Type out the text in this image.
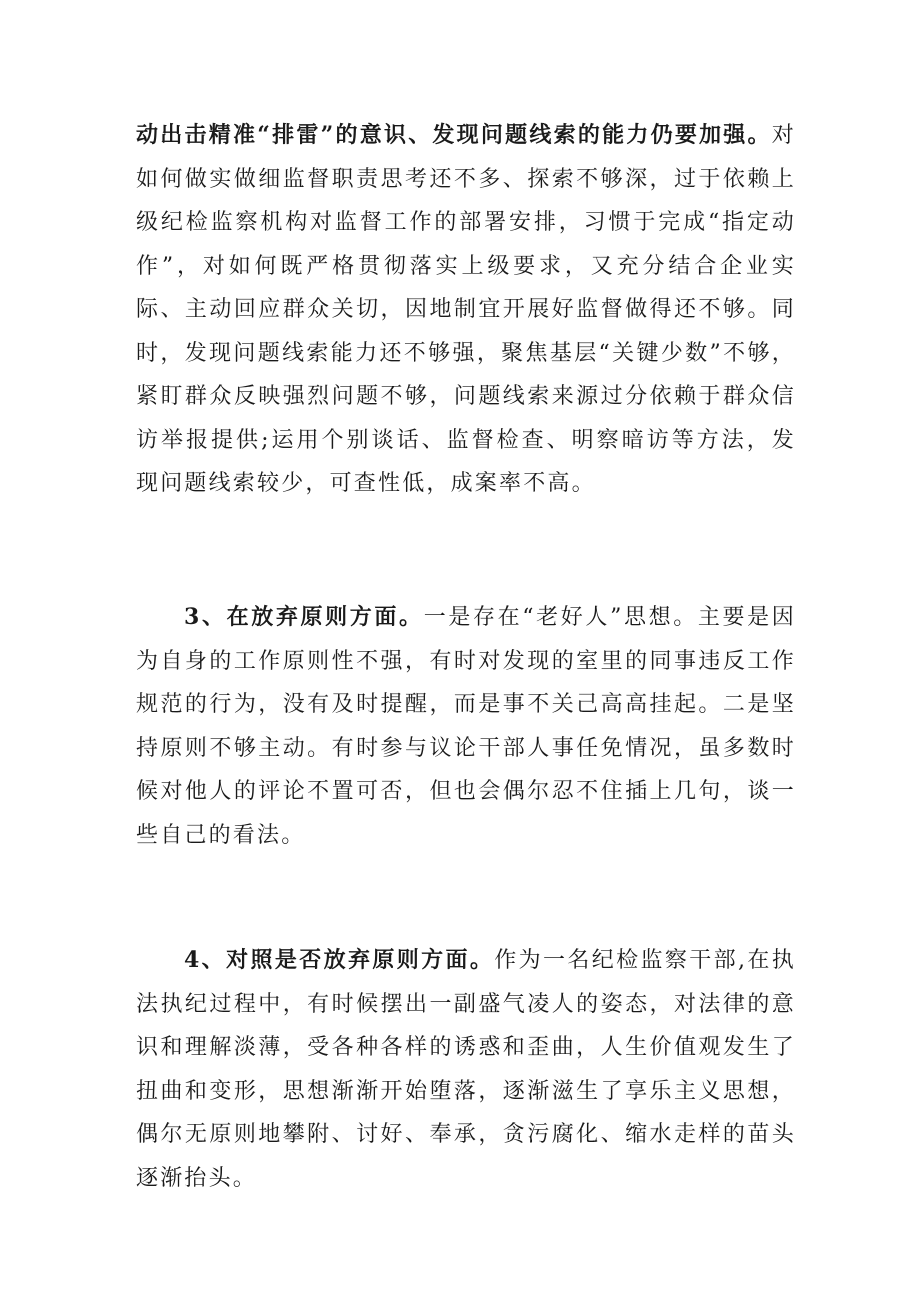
动出击精准“排雷”的意识、发现问题线索的能力仍要加强。对如何做实做细监督职责思考还不多、探索不够深，过于依赖上级纪检监察机构对监督工作的部署安排，习惯于完成“指定动作”，对如何既严格贯彻落实上级要求，又充分结合企业实际、主动回应群众关切，因地制宜开展好监督做得还不够。同时，发现问题线索能力还不够强，聚焦基层“关键少数”不够，紧盯群众反映强烈问题不够，问题线索来源过分依赖于群众信访举报提供;运用个别谈话、监督检查、明察暗访等方法，发现问题线索较少，可查性低，成案率不高。

3、在放弃原则方面。一是存在“老好人”思想。主要是因为自身的工作原则性不强，有时对发现的室里的同事违反工作规范的行为，没有及时提醒，而是事不关己高高挂起。二是坚持原则不够主动。有时参与议论干部人事任免情况，虽多数时候对他人的评论不置可否，但也会偶尔忍不住插上几句，谈一些自己的看法。

4、对照是否放弃原则方面。作为一名纪检监察干部,在执法执纪过程中，有时候摆出一副盛气凌人的姿态，对法律的意识和理解淡薄，受各种各样的诱惑和歪曲，人生价值观发生了扭曲和变形，思想渐渐开始堕落，逐渐滋生了享乐主义思想，偶尔无原则地攀附、讨好、奉承，贪污腐化、缩水走样的苗头逐渐抬头。
